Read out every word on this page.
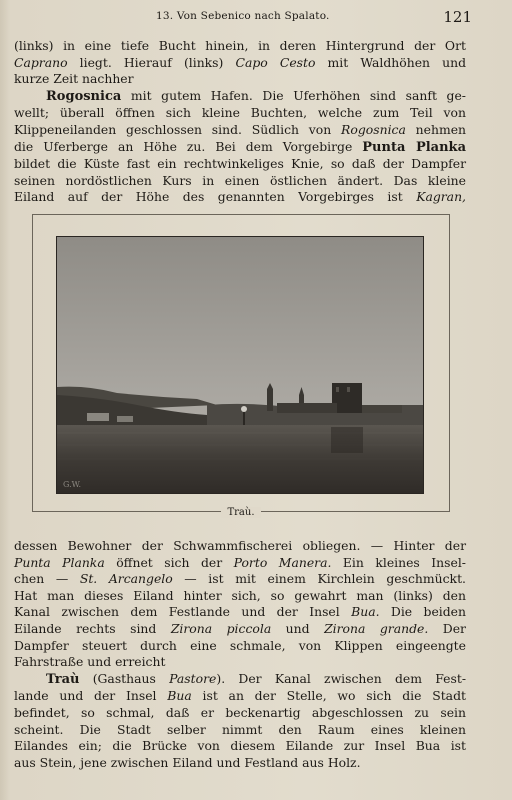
13. Von Sebenico nach Spalato.	121
(links) in eine tiefe Bucht hinein, in deren Hintergrund der Ort
Caprano liegt. Hierauf (links) Capo Cesto mit Waldhöhen und
kurze Zeit nachher
Rogosnica mit gutem Hafen. Die Uferhöhen sind sanft ge-
wellt; überall öffnen sich kleine Buchten, welche zum Teil von
Klippeneilanden geschlossen sind. Südlich von Rogosnica nehmen
die Uferberge an Höhe zu. Bei dem Vorgebirge Punta Planka
bildet die Küste fast ein rechtwinkeliges Knie, so daß der Dampfer
seinen nordöstlichen Kurs in einen östlichen ändert. Das kleine
Eiland auf der Höhe des genannten Vorgebirges ist Kagran,
G.W.
Traù.
dessen Bewohner der Schwammfischerei obliegen. — Hinter der
Punta Planka öffnet sich der Porto Manera. Ein kleines Insel-
chen — St. Arcangelo — ist mit einem Kirchlein geschmückt.
Hat man dieses Eiland hinter sich, so gewahrt man (links) den
Kanal zwischen dem Festlande und der Insel Bua. Die beiden
Eilande rechts sind Zirona piccola und Zirona grande. Der
Dampfer steuert durch eine schmale, von Klippen eingeengte
Fahrstraße und erreicht
Traù (Gasthaus Pastore). Der Kanal zwischen dem Fest-
lande und der Insel Bua ist an der Stelle, wo sich die Stadt
befindet, so schmal, daß er beckenartig abgeschlossen zu sein
scheint. Die Stadt selber nimmt den Raum eines kleinen
Eilandes ein; die Brücke von diesem Eilande zur Insel Bua ist
aus Stein, jene zwischen Eiland und Festland aus Holz.
